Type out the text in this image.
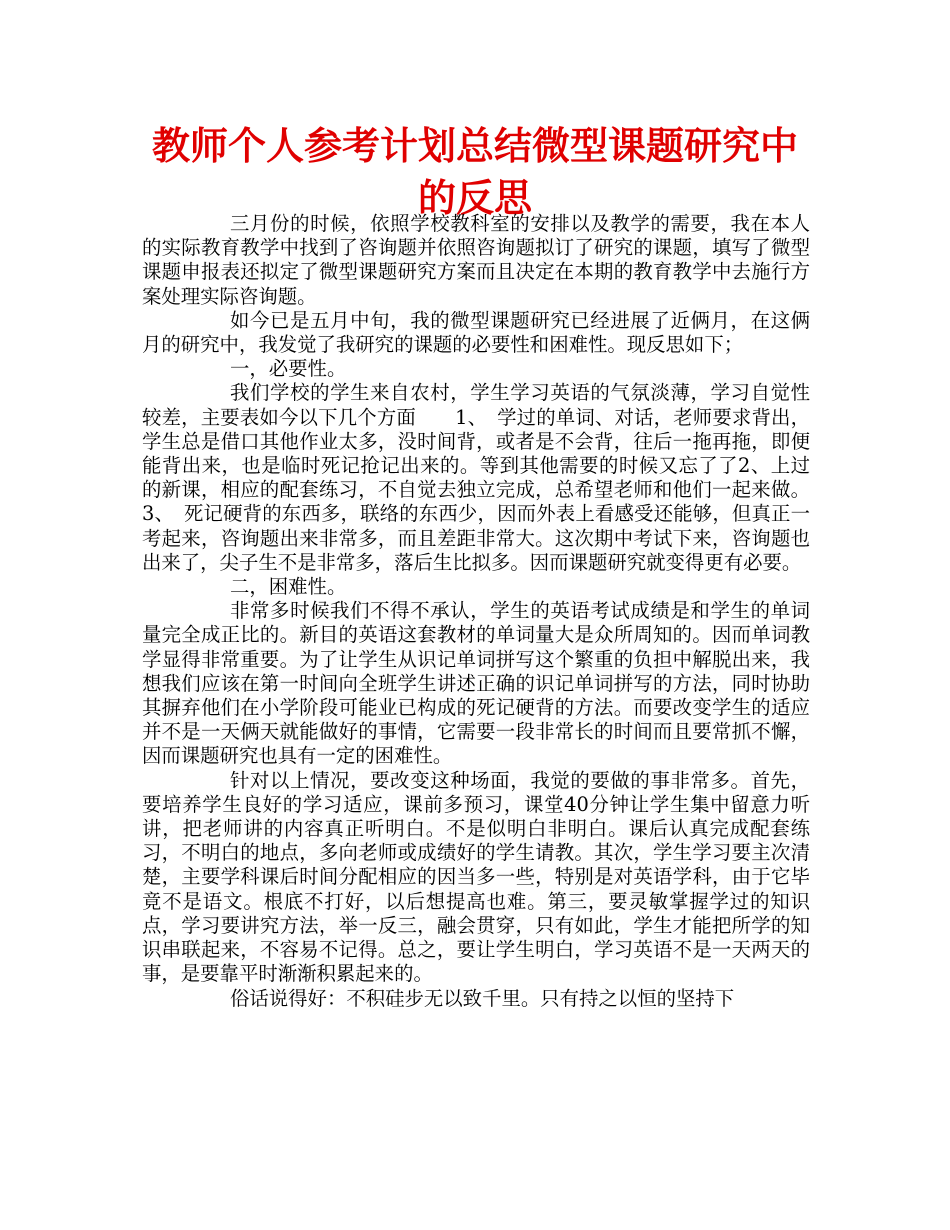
教师个人参考计划总结微型课题研究中的反思

三月份的时候，依照学校教科室的安排以及教学的需要，我在本人的实际教育教学中找到了咨询题并依照咨询题拟订了研究的课题，填写了微型课题申报表还拟定了微型课题研究方案而且决定在本期的教育教学中去施行方案处理实际咨询题。

如今已是五月中旬，我的微型课题研究已经进展了近俩月，在这俩月的研究中，我发觉了我研究的课题的必要性和困难性。现反思如下；

一，必要性。

我们学校的学生来自农村，学生学习英语的气氛淡薄，学习自觉性较差，主要表如今以下几个方面　　1、　学过的单词、对话，老师要求背出，学生总是借口其他作业太多，没时间背，或者是不会背，往后一拖再拖，即便能背出来，也是临时死记抢记出来的。等到其他需要的时候又忘了了2、上过的新课，相应的配套练习，不自觉去独立完成，总希望老师和他们一起来做。3、　死记硬背的东西多，联络的东西少，因而外表上看感受还能够，但真正一考起来，咨询题出来非常多，而且差距非常大。这次期中考试下来，咨询题也出来了，尖子生不是非常多，落后生比拟多。因而课题研究就变得更有必要。

二，困难性。

非常多时候我们不得不承认，学生的英语考试成绩是和学生的单词量完全成正比的。新目的英语这套教材的单词量大是众所周知的。因而单词教学显得非常重要。为了让学生从识记单词拼写这个繁重的负担中解脱出来，我想我们应该在第一时间向全班学生讲述正确的识记单词拼写的方法，同时协助其摒弃他们在小学阶段可能业已构成的死记硬背的方法。而要改变学生的适应并不是一天俩天就能做好的事情，它需要一段非常长的时间而且要常抓不懈，因而课题研究也具有一定的困难性。

针对以上情况，要改变这种场面，我觉的要做的事非常多。首先，要培养学生良好的学习适应，课前多预习，课堂40分钟让学生集中留意力听讲，把老师讲的内容真正听明白。不是似明白非明白。课后认真完成配套练习，不明白的地点，多向老师或成绩好的学生请教。其次，学生学习要主次清楚，主要学科课后时间分配相应的因当多一些，特别是对英语学科，由于它毕竟不是语文。根底不打好，以后想提高也难。第三，要灵敏掌握学过的知识点，学习要讲究方法，举一反三，融会贯穿，只有如此，学生才能把所学的知识串联起来，不容易不记得。总之，要让学生明白，学习英语不是一天两天的事，是要靠平时渐渐积累起来的。

俗话说得好：不积硅步无以致千里。只有持之以恒的坚持下
